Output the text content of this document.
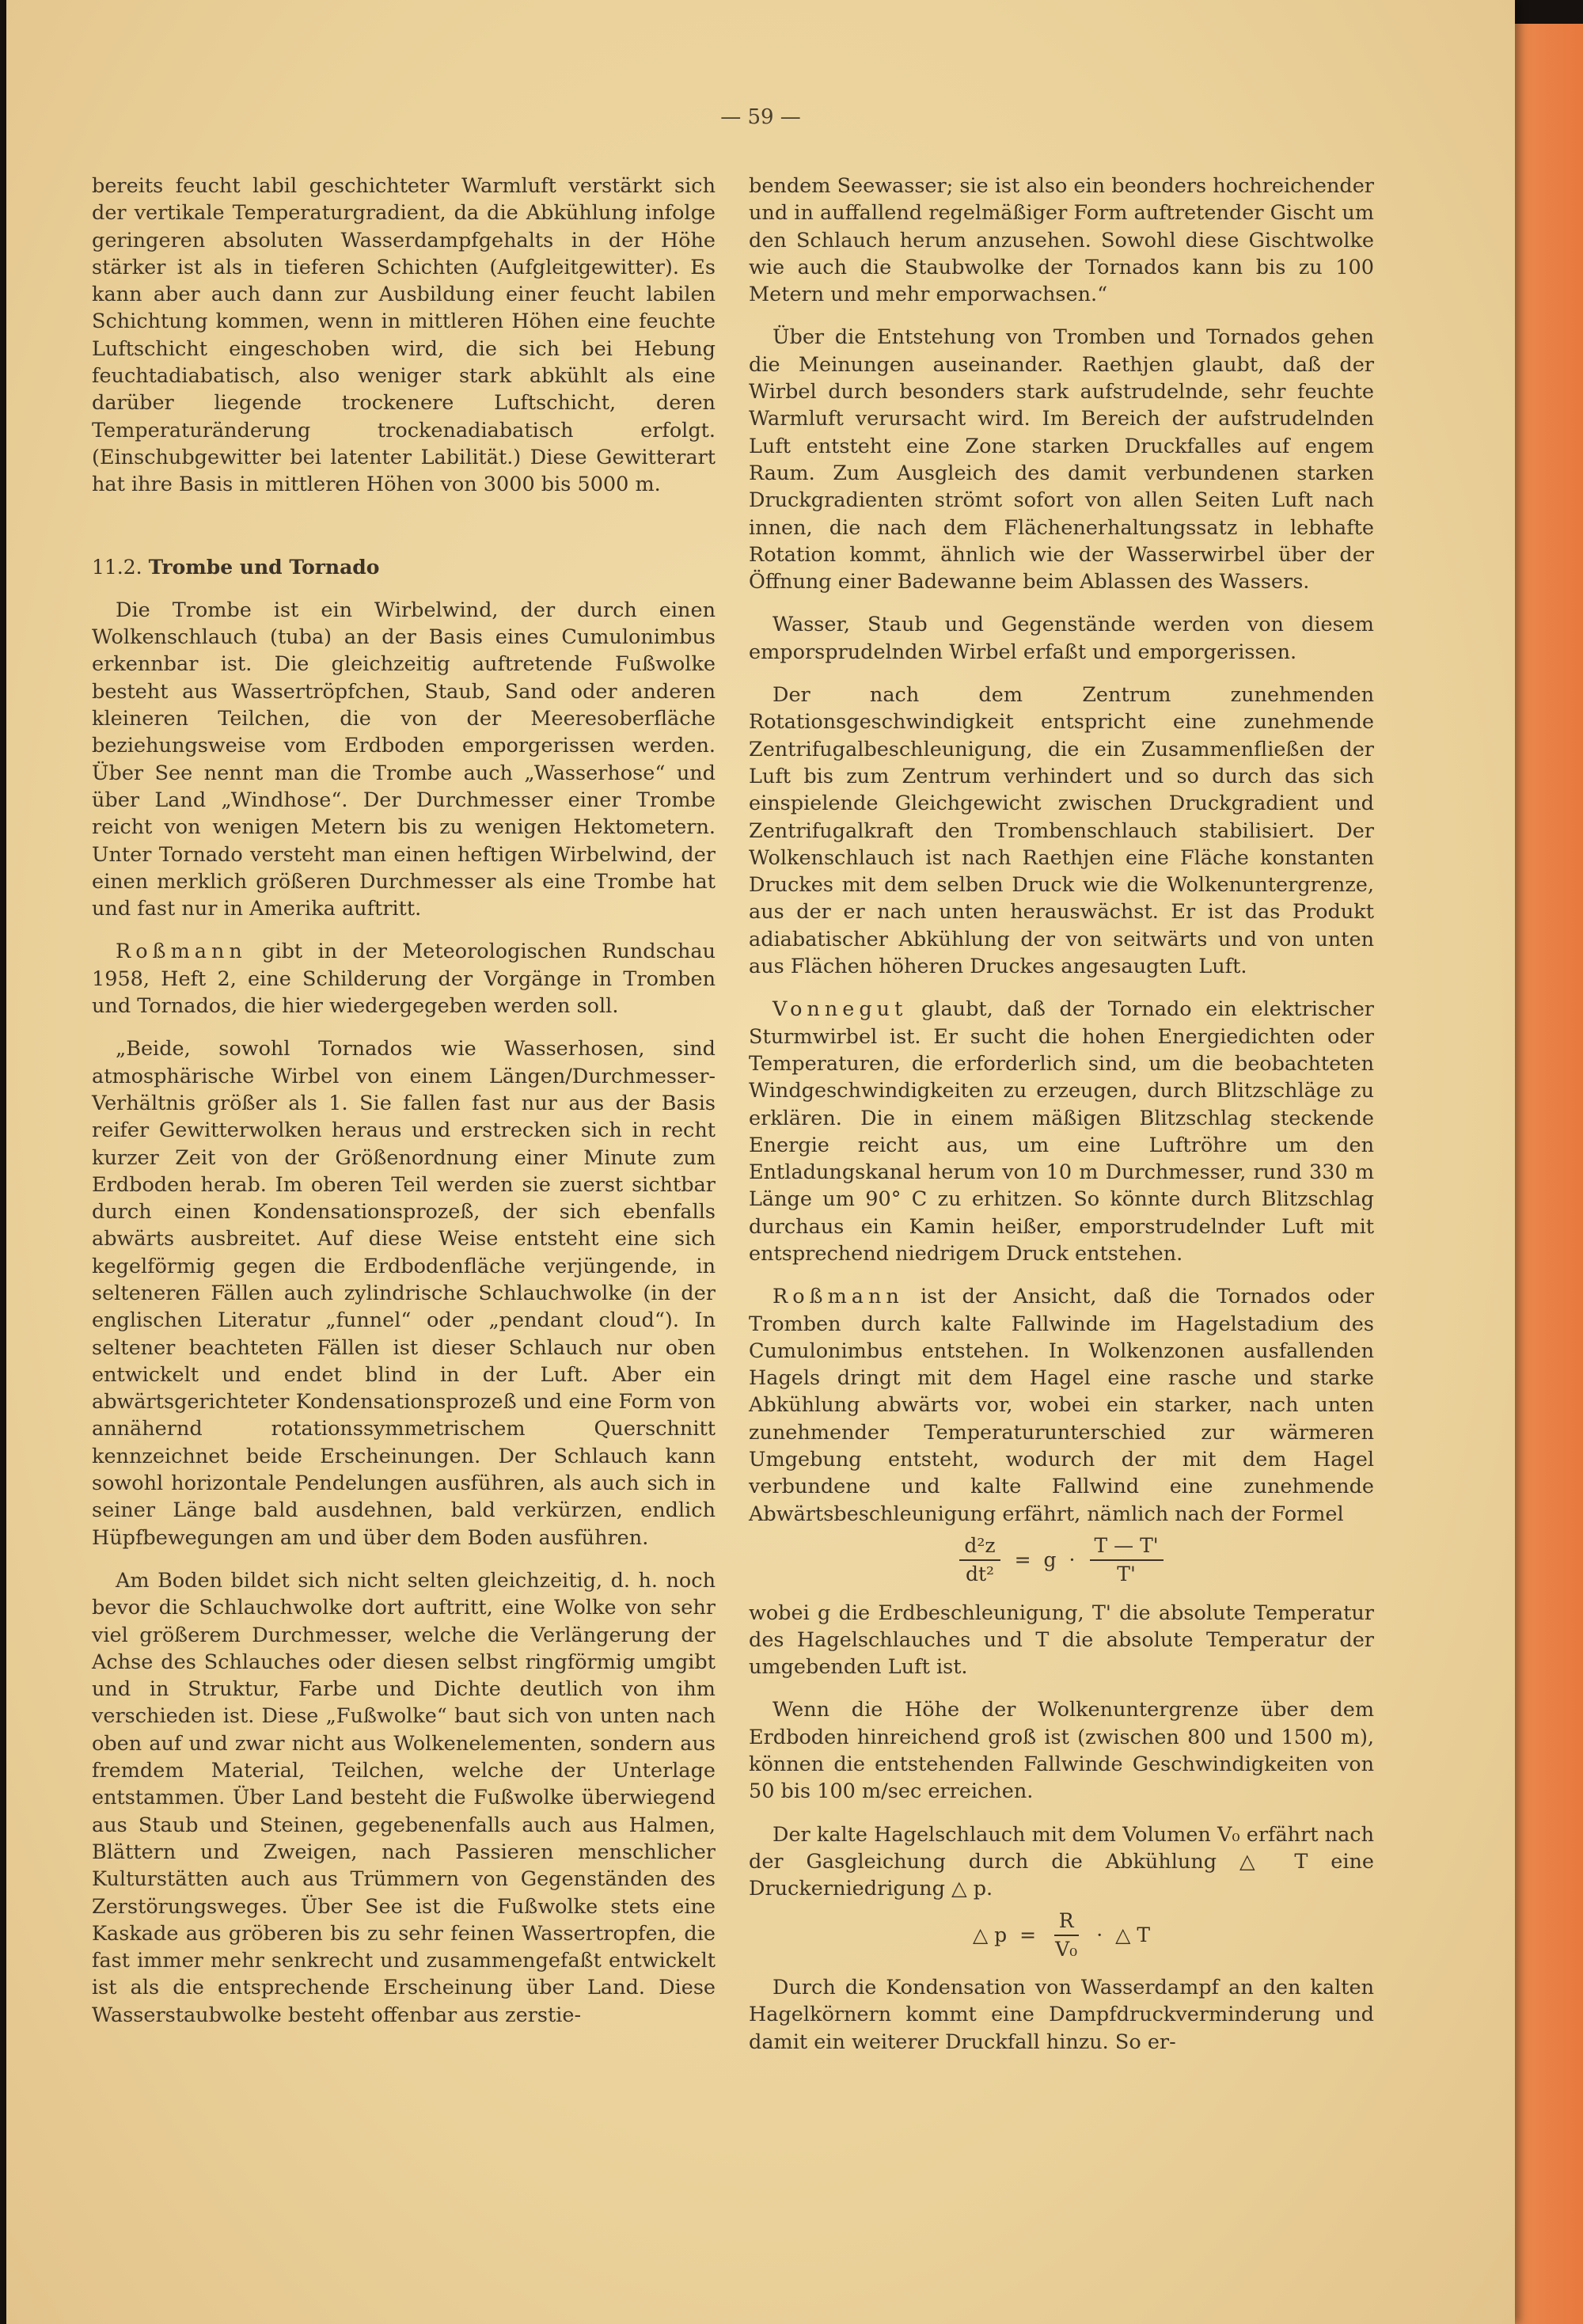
— 59 —

bereits feucht labil geschichteter Warmluft verstärkt sich der vertikale Temperaturgradient, da die Abkühlung infolge geringeren absoluten Wasserdampfgehalts in der Höhe stärker ist als in tieferen Schichten (Aufgleitgewitter). Es kann aber auch dann zur Ausbildung einer feucht labilen Schichtung kommen, wenn in mittleren Höhen eine feuchte Luftschicht eingeschoben wird, die sich bei Hebung feuchtadiabatisch, also weniger stark abkühlt als eine darüber liegende trockenere Luftschicht, deren Temperaturänderung trockenadiabatisch erfolgt. (Einschubgewitter bei latenter Labilität.) Diese Gewitterart hat ihre Basis in mittleren Höhen von 3000 bis 5000 m.

11.2. Trombe und Tornado

Die Trombe ist ein Wirbelwind, der durch einen Wolkenschlauch (tuba) an der Basis eines Cumulonimbus erkennbar ist. Die gleichzeitig auftretende Fußwolke besteht aus Wassertröpfchen, Staub, Sand oder anderen kleineren Teilchen, die von der Meeresoberfläche beziehungsweise vom Erdboden emporgerissen werden. Über See nennt man die Trombe auch „Wasserhose“ und über Land „Windhose“. Der Durchmesser einer Trombe reicht von wenigen Metern bis zu wenigen Hektometern. Unter Tornado versteht man einen heftigen Wirbelwind, der einen merklich größeren Durchmesser als eine Trombe hat und fast nur in Amerika auftritt.

Roßmann gibt in der Meteorologischen Rundschau 1958, Heft 2, eine Schilderung der Vorgänge in Tromben und Tornados, die hier wiedergegeben werden soll.

„Beide, sowohl Tornados wie Wasserhosen, sind atmosphärische Wirbel von einem Längen/Durchmesser-Verhältnis größer als 1. Sie fallen fast nur aus der Basis reifer Gewitterwolken heraus und erstrecken sich in recht kurzer Zeit von der Größenordnung einer Minute zum Erdboden herab. Im oberen Teil werden sie zuerst sichtbar durch einen Kondensationsprozeß, der sich ebenfalls abwärts ausbreitet. Auf diese Weise entsteht eine sich kegelförmig gegen die Erdbodenfläche verjüngende, in selteneren Fällen auch zylindrische Schlauchwolke (in der englischen Literatur „funnel“ oder „pendant cloud“). In seltener beachteten Fällen ist dieser Schlauch nur oben entwickelt und endet blind in der Luft. Aber ein abwärtsgerichteter Kondensationsprozeß und eine Form von annähernd rotationssymmetrischem Querschnitt kennzeichnet beide Erscheinungen. Der Schlauch kann sowohl horizontale Pendelungen ausführen, als auch sich in seiner Länge bald ausdehnen, bald verkürzen, endlich Hüpfbewegungen am und über dem Boden ausführen.

Am Boden bildet sich nicht selten gleichzeitig, d. h. noch bevor die Schlauchwolke dort auftritt, eine Wolke von sehr viel größerem Durchmesser, welche die Verlängerung der Achse des Schlauches oder diesen selbst ringförmig umgibt und in Struktur, Farbe und Dichte deutlich von ihm verschieden ist. Diese „Fußwolke“ baut sich von unten nach oben auf und zwar nicht aus Wolkenelementen, sondern aus fremdem Material, Teilchen, welche der Unterlage entstammen. Über Land besteht die Fußwolke überwiegend aus Staub und Steinen, gegebenenfalls auch aus Halmen, Blättern und Zweigen, nach Passieren menschlicher Kulturstätten auch aus Trümmern von Gegenständen des Zerstörungsweges. Über See ist die Fußwolke stets eine Kaskade aus gröberen bis zu sehr feinen Wassertropfen, die fast immer mehr senkrecht und zusammengefaßt entwickelt ist als die entsprechende Erscheinung über Land. Diese Wasserstaubwolke besteht offenbar aus zerstie-

bendem Seewasser; sie ist also ein beonders hochreichender und in auffallend regelmäßiger Form auftretender Gischt um den Schlauch herum anzusehen. Sowohl diese Gischtwolke wie auch die Staubwolke der Tornados kann bis zu 100 Metern und mehr emporwachsen.“

Über die Entstehung von Tromben und Tornados gehen die Meinungen auseinander. Raethjen glaubt, daß der Wirbel durch besonders stark aufstrudelnde, sehr feuchte Warmluft verursacht wird. Im Bereich der aufstrudelnden Luft entsteht eine Zone starken Druckfalles auf engem Raum. Zum Ausgleich des damit verbundenen starken Druckgradienten strömt sofort von allen Seiten Luft nach innen, die nach dem Flächenerhaltungssatz in lebhafte Rotation kommt, ähnlich wie der Wasserwirbel über der Öffnung einer Badewanne beim Ablassen des Wassers.

Wasser, Staub und Gegenstände werden von diesem emporsprudelnden Wirbel erfaßt und emporgerissen.

Der nach dem Zentrum zunehmenden Rotationsgeschwindigkeit entspricht eine zunehmende Zentrifugalbeschleunigung, die ein Zusammenfließen der Luft bis zum Zentrum verhindert und so durch das sich einspielende Gleichgewicht zwischen Druckgradient und Zentrifugalkraft den Trombenschlauch stabilisiert. Der Wolkenschlauch ist nach Raethjen eine Fläche konstanten Druckes mit dem selben Druck wie die Wolkenuntergrenze, aus der er nach unten herauswächst. Er ist das Produkt adiabatischer Abkühlung der von seitwärts und von unten aus Flächen höheren Druckes angesaugten Luft.

Vonnegut glaubt, daß der Tornado ein elektrischer Sturmwirbel ist. Er sucht die hohen Energiedichten oder Temperaturen, die erforderlich sind, um die beobachteten Windgeschwindigkeiten zu erzeugen, durch Blitzschläge zu erklären. Die in einem mäßigen Blitzschlag steckende Energie reicht aus, um eine Luftröhre um den Entladungskanal herum von 10 m Durchmesser, rund 330 m Länge um 90° C zu erhitzen. So könnte durch Blitzschlag durchaus ein Kamin heißer, emporstrudelnder Luft mit entsprechend niedrigem Druck entstehen.

Roßmann ist der Ansicht, daß die Tornados oder Tromben durch kalte Fallwinde im Hagelstadium des Cumulonimbus entstehen. In Wolkenzonen ausfallenden Hagels dringt mit dem Hagel eine rasche und starke Abkühlung abwärts vor, wobei ein starker, nach unten zunehmender Temperaturunterschied zur wärmeren Umgebung entsteht, wodurch der mit dem Hagel verbundene und kalte Fallwind eine zunehmende Abwärtsbeschleunigung erfährt, nämlich nach der Formel

$\frac{\text{d²z}}{\text{dt²}} = g \cdot \frac{T — T'}{T'}$

wobei g die Erdbeschleunigung, T' die absolute Temperatur des Hagelschlauches und T die absolute Temperatur der umgebenden Luft ist.

Wenn die Höhe der Wolkenuntergrenze über dem Erdboden hinreichend groß ist (zwischen 800 und 1500 m), können die entstehenden Fallwinde Geschwindigkeiten von 50 bis 100 m/sec erreichen.

Der kalte Hagelschlauch mit dem Volumen V₀ erfährt nach der Gasgleichung durch die Abkühlung △ T eine Druckerniedrigung △ p.

△ $p = \frac{R}{\text{V₀}}$ · △ T

Durch die Kondensation von Wasserdampf an den kalten Hagelkörnern kommt eine Dampfdruckverminderung und damit ein weiterer Druckfall hinzu. So er-
